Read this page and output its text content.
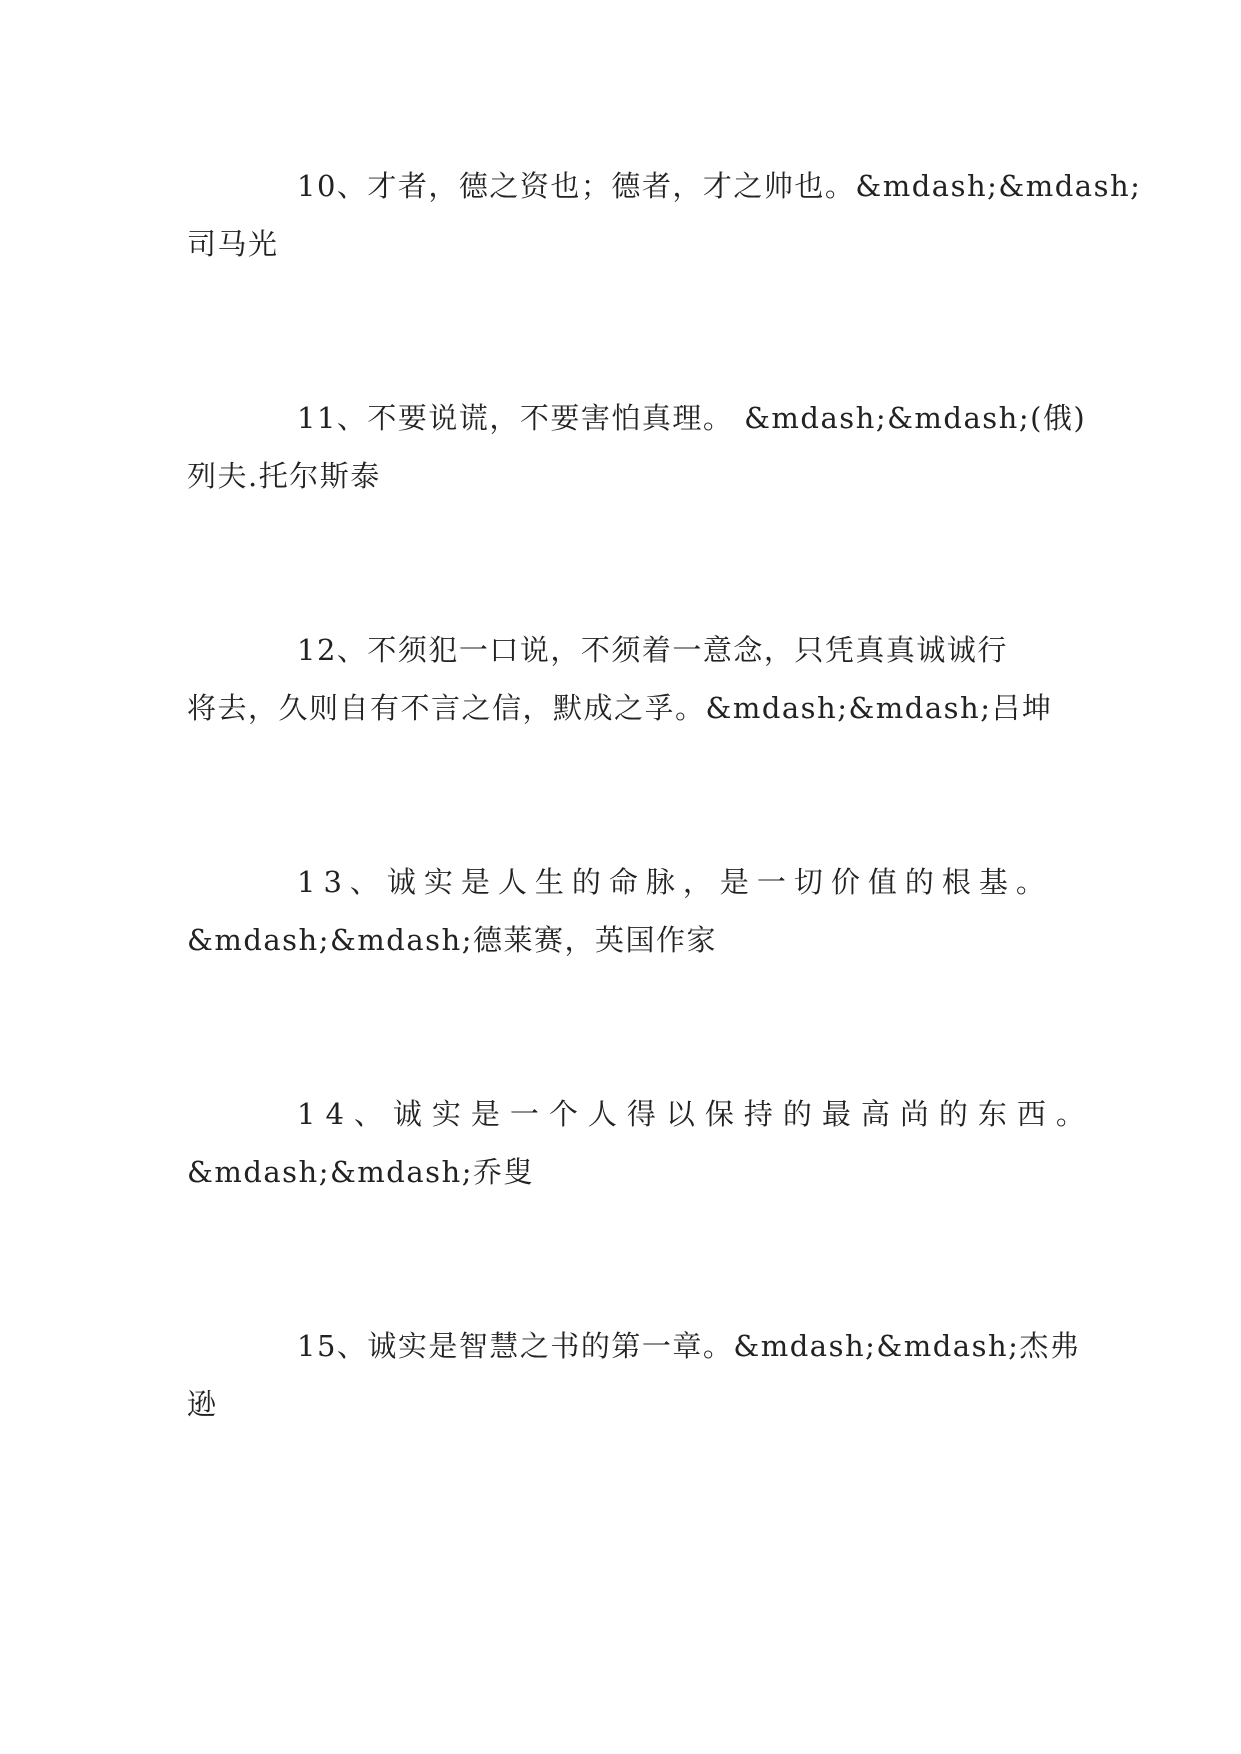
10、才者，德之资也；德者，才之帅也。&mdash;&mdash;
司马光
11、不要说谎，不要害怕真理。 &mdash;&mdash;(俄)
列夫.托尔斯泰
12、不须犯一口说，不须着一意念，只凭真真诚诚行
将去，久则自有不言之信，默成之孚。&mdash;&mdash;吕坤
13、诚实是人生的命脉，是一切价值的根基。
&mdash;&mdash;德莱赛，英国作家
14、诚实是一个人得以保持的最高尚的东西。
&mdash;&mdash;乔叟
15、诚实是智慧之书的第一章。&mdash;&mdash;杰弗
逊
